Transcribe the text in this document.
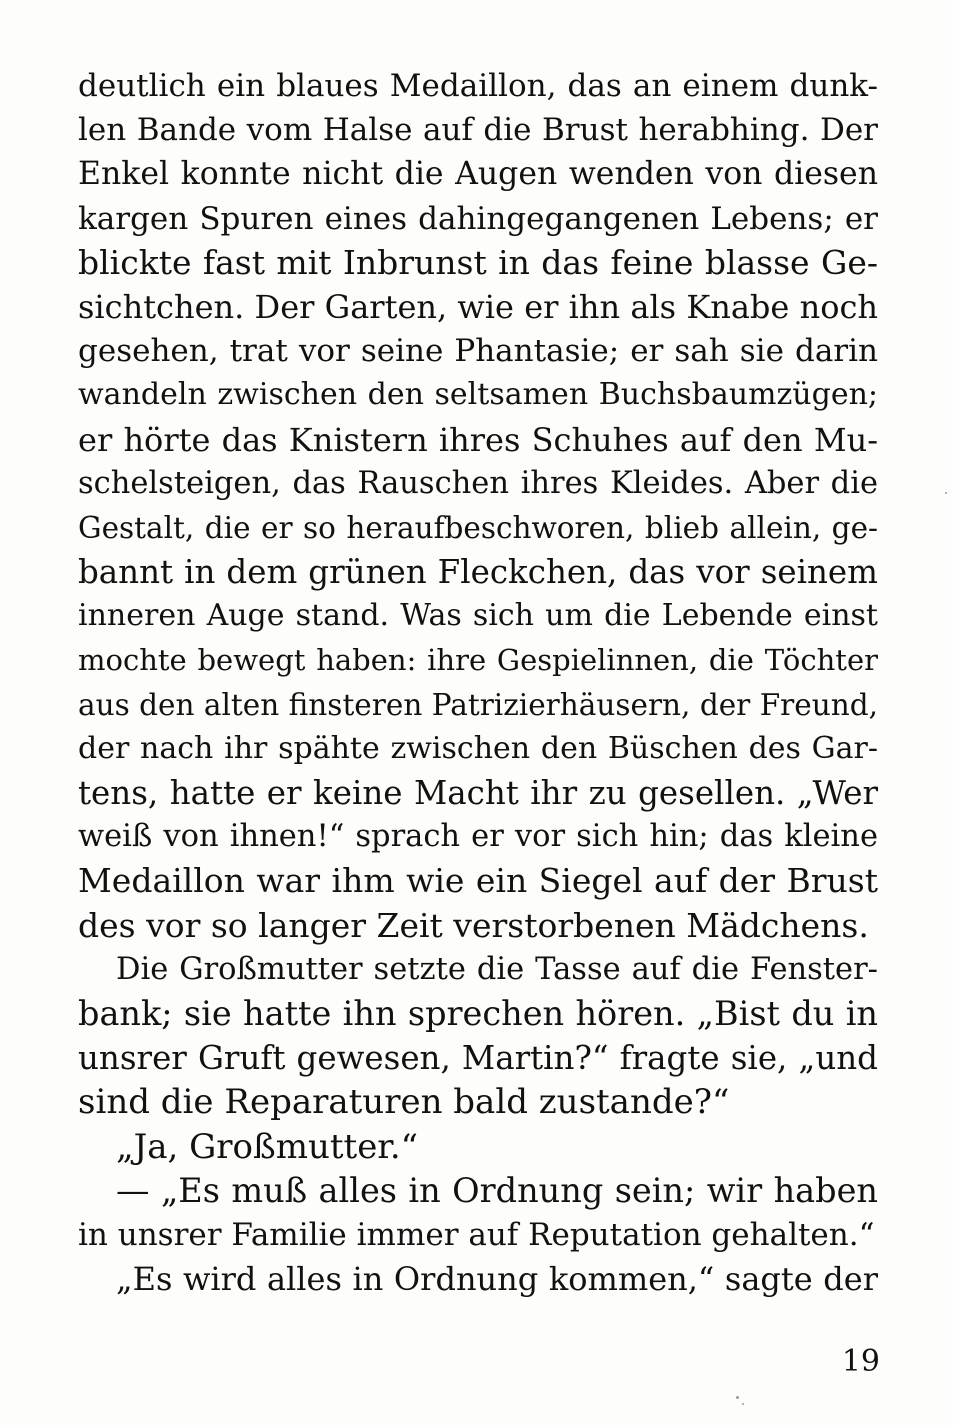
deutlich ein blaues Medaillon, das an einem dunk-
len Bande vom Halse auf die Brust herabhing. Der
Enkel konnte nicht die Augen wenden von diesen
kargen Spuren eines dahingegangenen Lebens; er
blickte fast mit Inbrunst in das feine blasse Ge-
sichtchen. Der Garten, wie er ihn als Knabe noch
gesehen, trat vor seine Phantasie; er sah sie darin
wandeln zwischen den seltsamen Buchsbaumzügen;
er hörte das Knistern ihres Schuhes auf den Mu-
schelsteigen, das Rauschen ihres Kleides. Aber die
Gestalt, die er so heraufbeschworen, blieb allein, ge-
bannt in dem grünen Fleckchen, das vor seinem
inneren Auge stand. Was sich um die Lebende einst
mochte bewegt haben: ihre Gespielinnen, die Töchter
aus den alten finsteren Patrizierhäusern, der Freund,
der nach ihr spähte zwischen den Büschen des Gar-
tens, hatte er keine Macht ihr zu gesellen. „Wer
weiß von ihnen!“ sprach er vor sich hin; das kleine
Medaillon war ihm wie ein Siegel auf der Brust
des vor so langer Zeit verstorbenen Mädchens.
Die Großmutter setzte die Tasse auf die Fenster-
bank; sie hatte ihn sprechen hören. „Bist du in
unsrer Gruft gewesen, Martin?“ fragte sie, „und
sind die Reparaturen bald zustande?“
„Ja, Großmutter.“
— „Es muß alles in Ordnung sein; wir haben
in unsrer Familie immer auf Reputation gehalten.“
„Es wird alles in Ordnung kommen,“ sagte der
19
